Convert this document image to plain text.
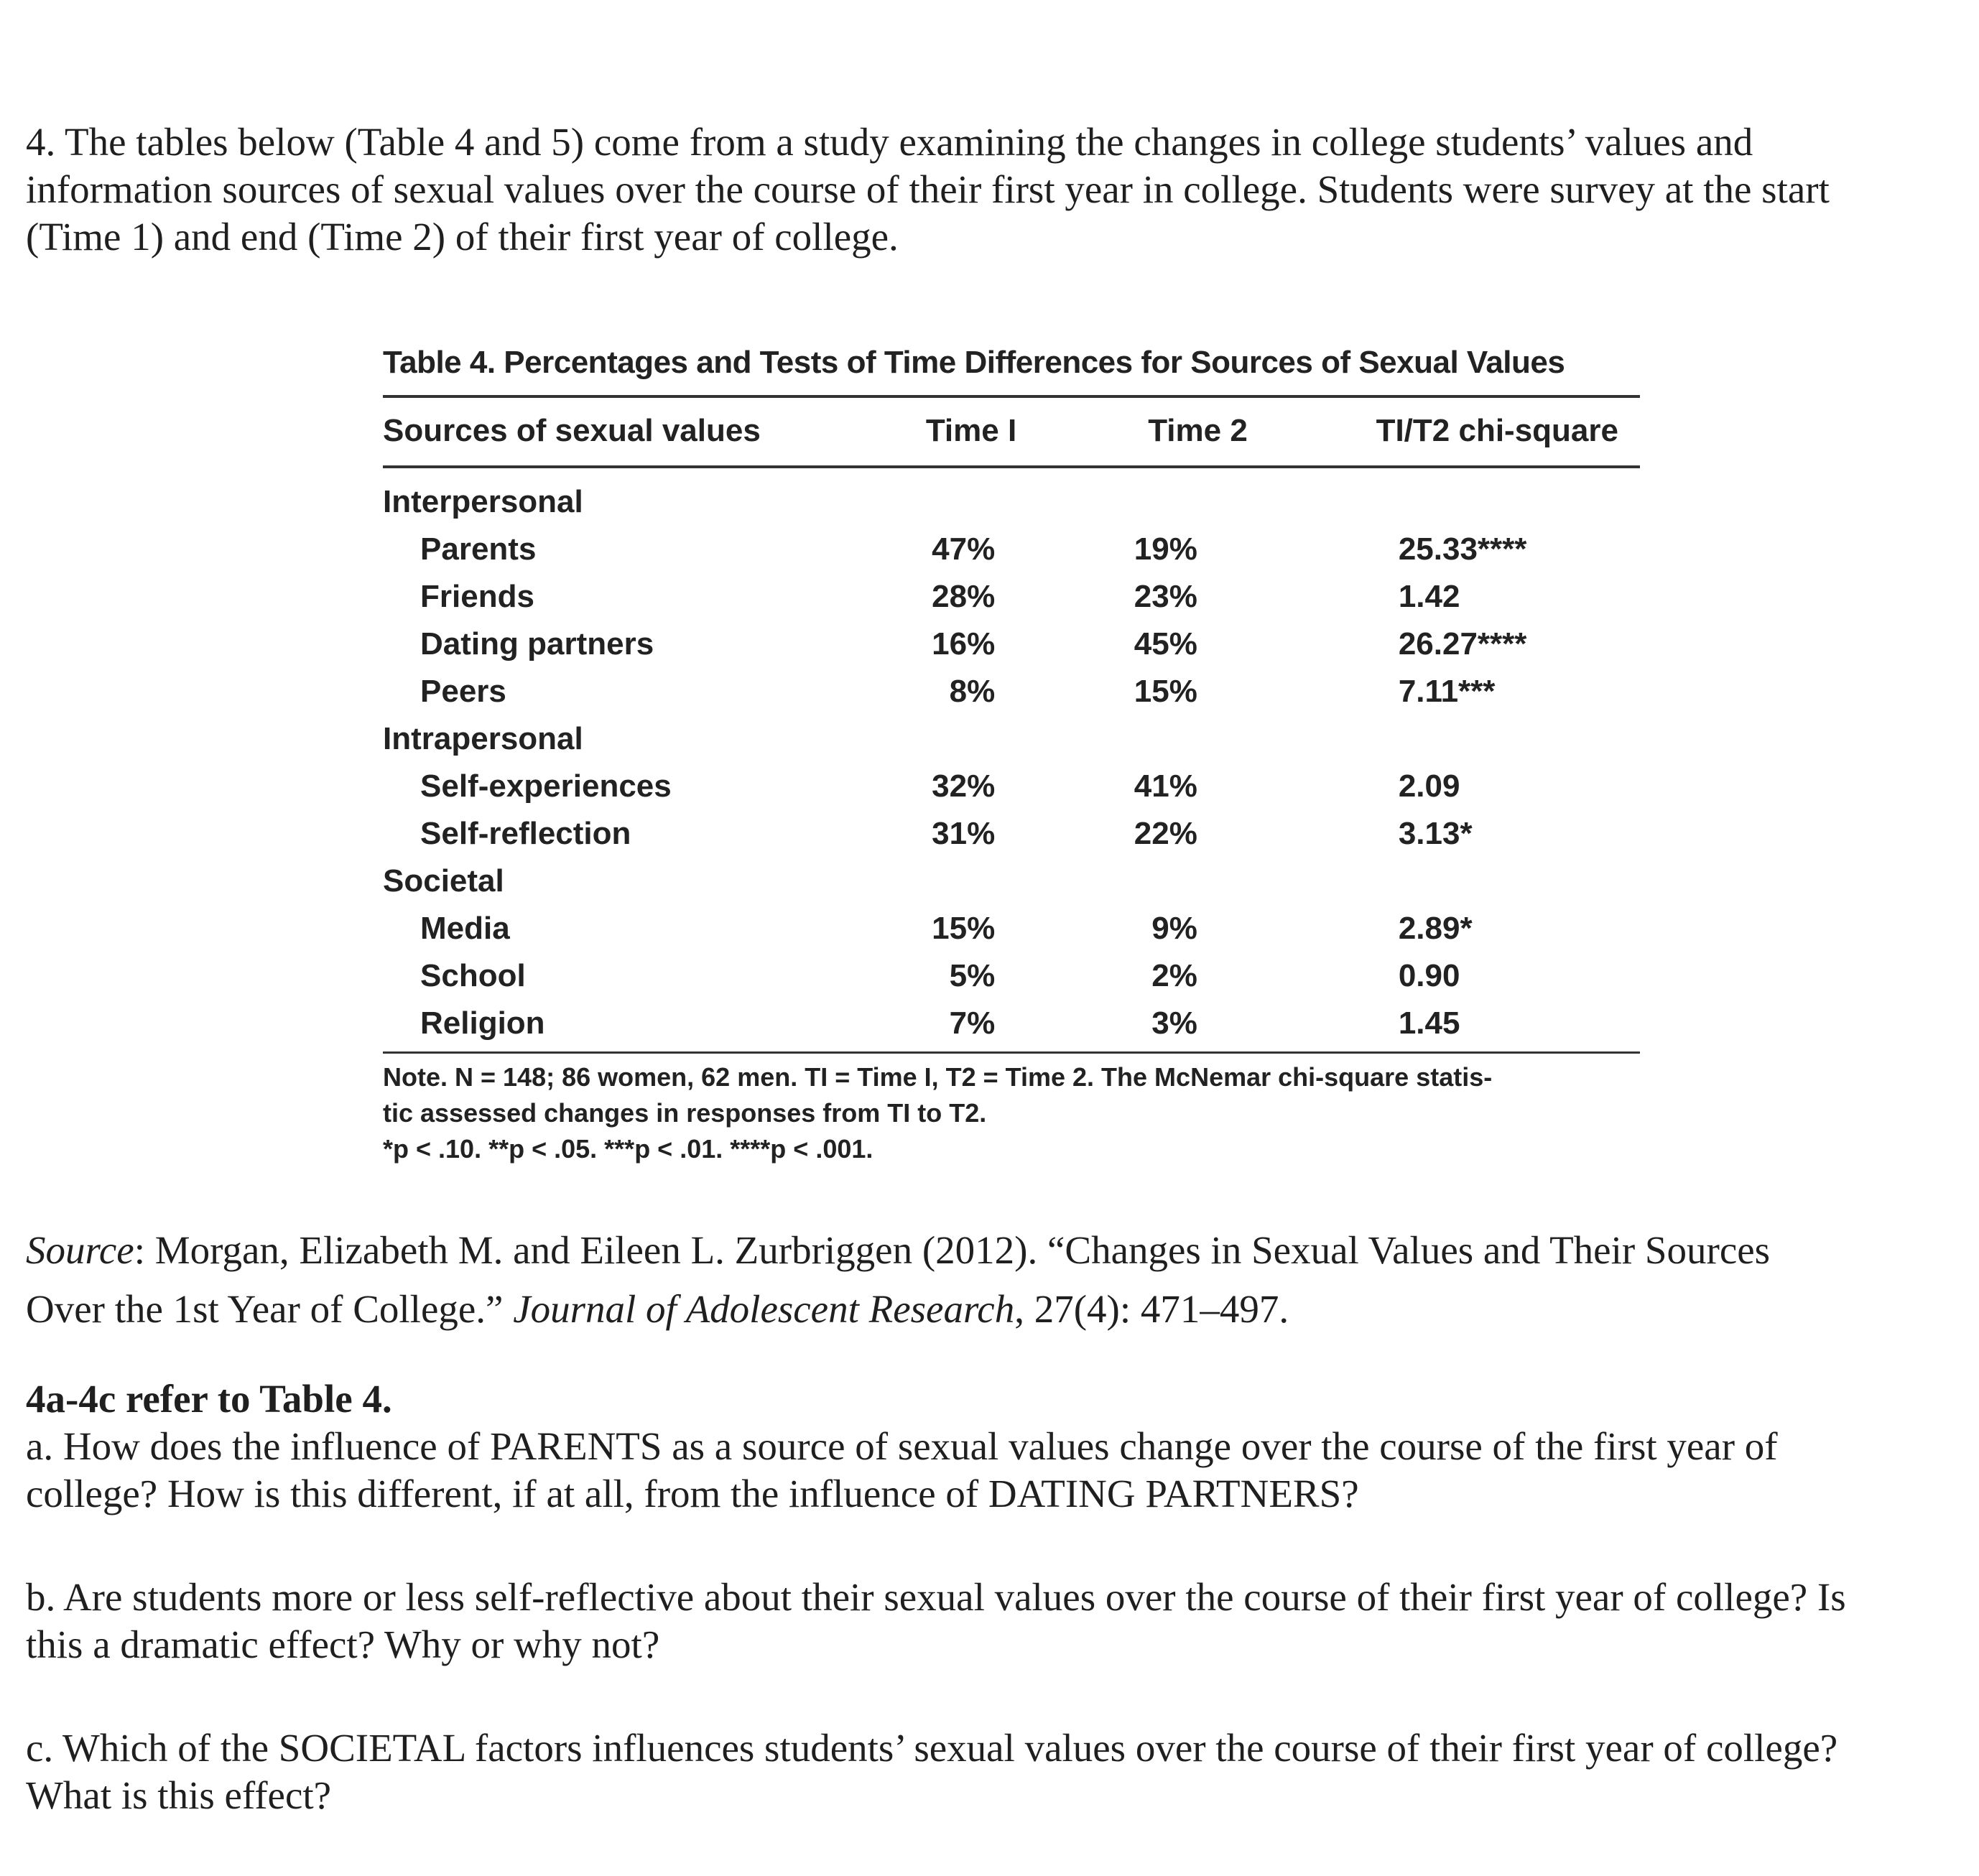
4. The tables below (Table 4 and 5) come from a study examining the changes in college students’ values and

information sources of sexual values over the course of their first year in college. Students were survey at the start

(Time 1) and end (Time 2) of their first year of college.

Table 4. Percentages and Tests of Time Differences for Sources of Sexual Values
Sources of sexual values	Time I	Time 2	TI/T2 chi-square

Interpersonal			
Parents	47%	19%	25.33****
Friends	28%	23%	1.42
Dating partners	16%	45%	26.27****
Peers	8%	15%	7.11***
Intrapersonal			
Self-experiences	32%	41%	2.09
Self-reflection	31%	22%	3.13*
Societal			
Media	15%	9%	2.89*
School	5%	2%	0.90
Religion	7%	3%	1.45

Note. N = 148; 86 women, 62 men. TI = Time I, T2 = Time 2. The McNemar chi-square statis-

tic assessed changes in responses from TI to T2.

*p < .10. **p < .05. ***p < .01. ****p < .001.

Source: Morgan, Elizabeth M. and Eileen L. Zurbriggen (2012). “Changes in Sexual Values and Their Sources

Over the 1st Year of College.” Journal of Adolescent Research, 27(4): 471–497.

4a-4c refer to Table 4.

a. How does the influence of PARENTS as a source of sexual values change over the course of the first year of

college? How is this different, if at all, from the influence of DATING PARTNERS?

b. Are students more or less self-reflective about their sexual values over the course of their first year of college? Is

this a dramatic effect? Why or why not?

c. Which of the SOCIETAL factors influences students’ sexual values over the course of their first year of college?

What is this effect?
